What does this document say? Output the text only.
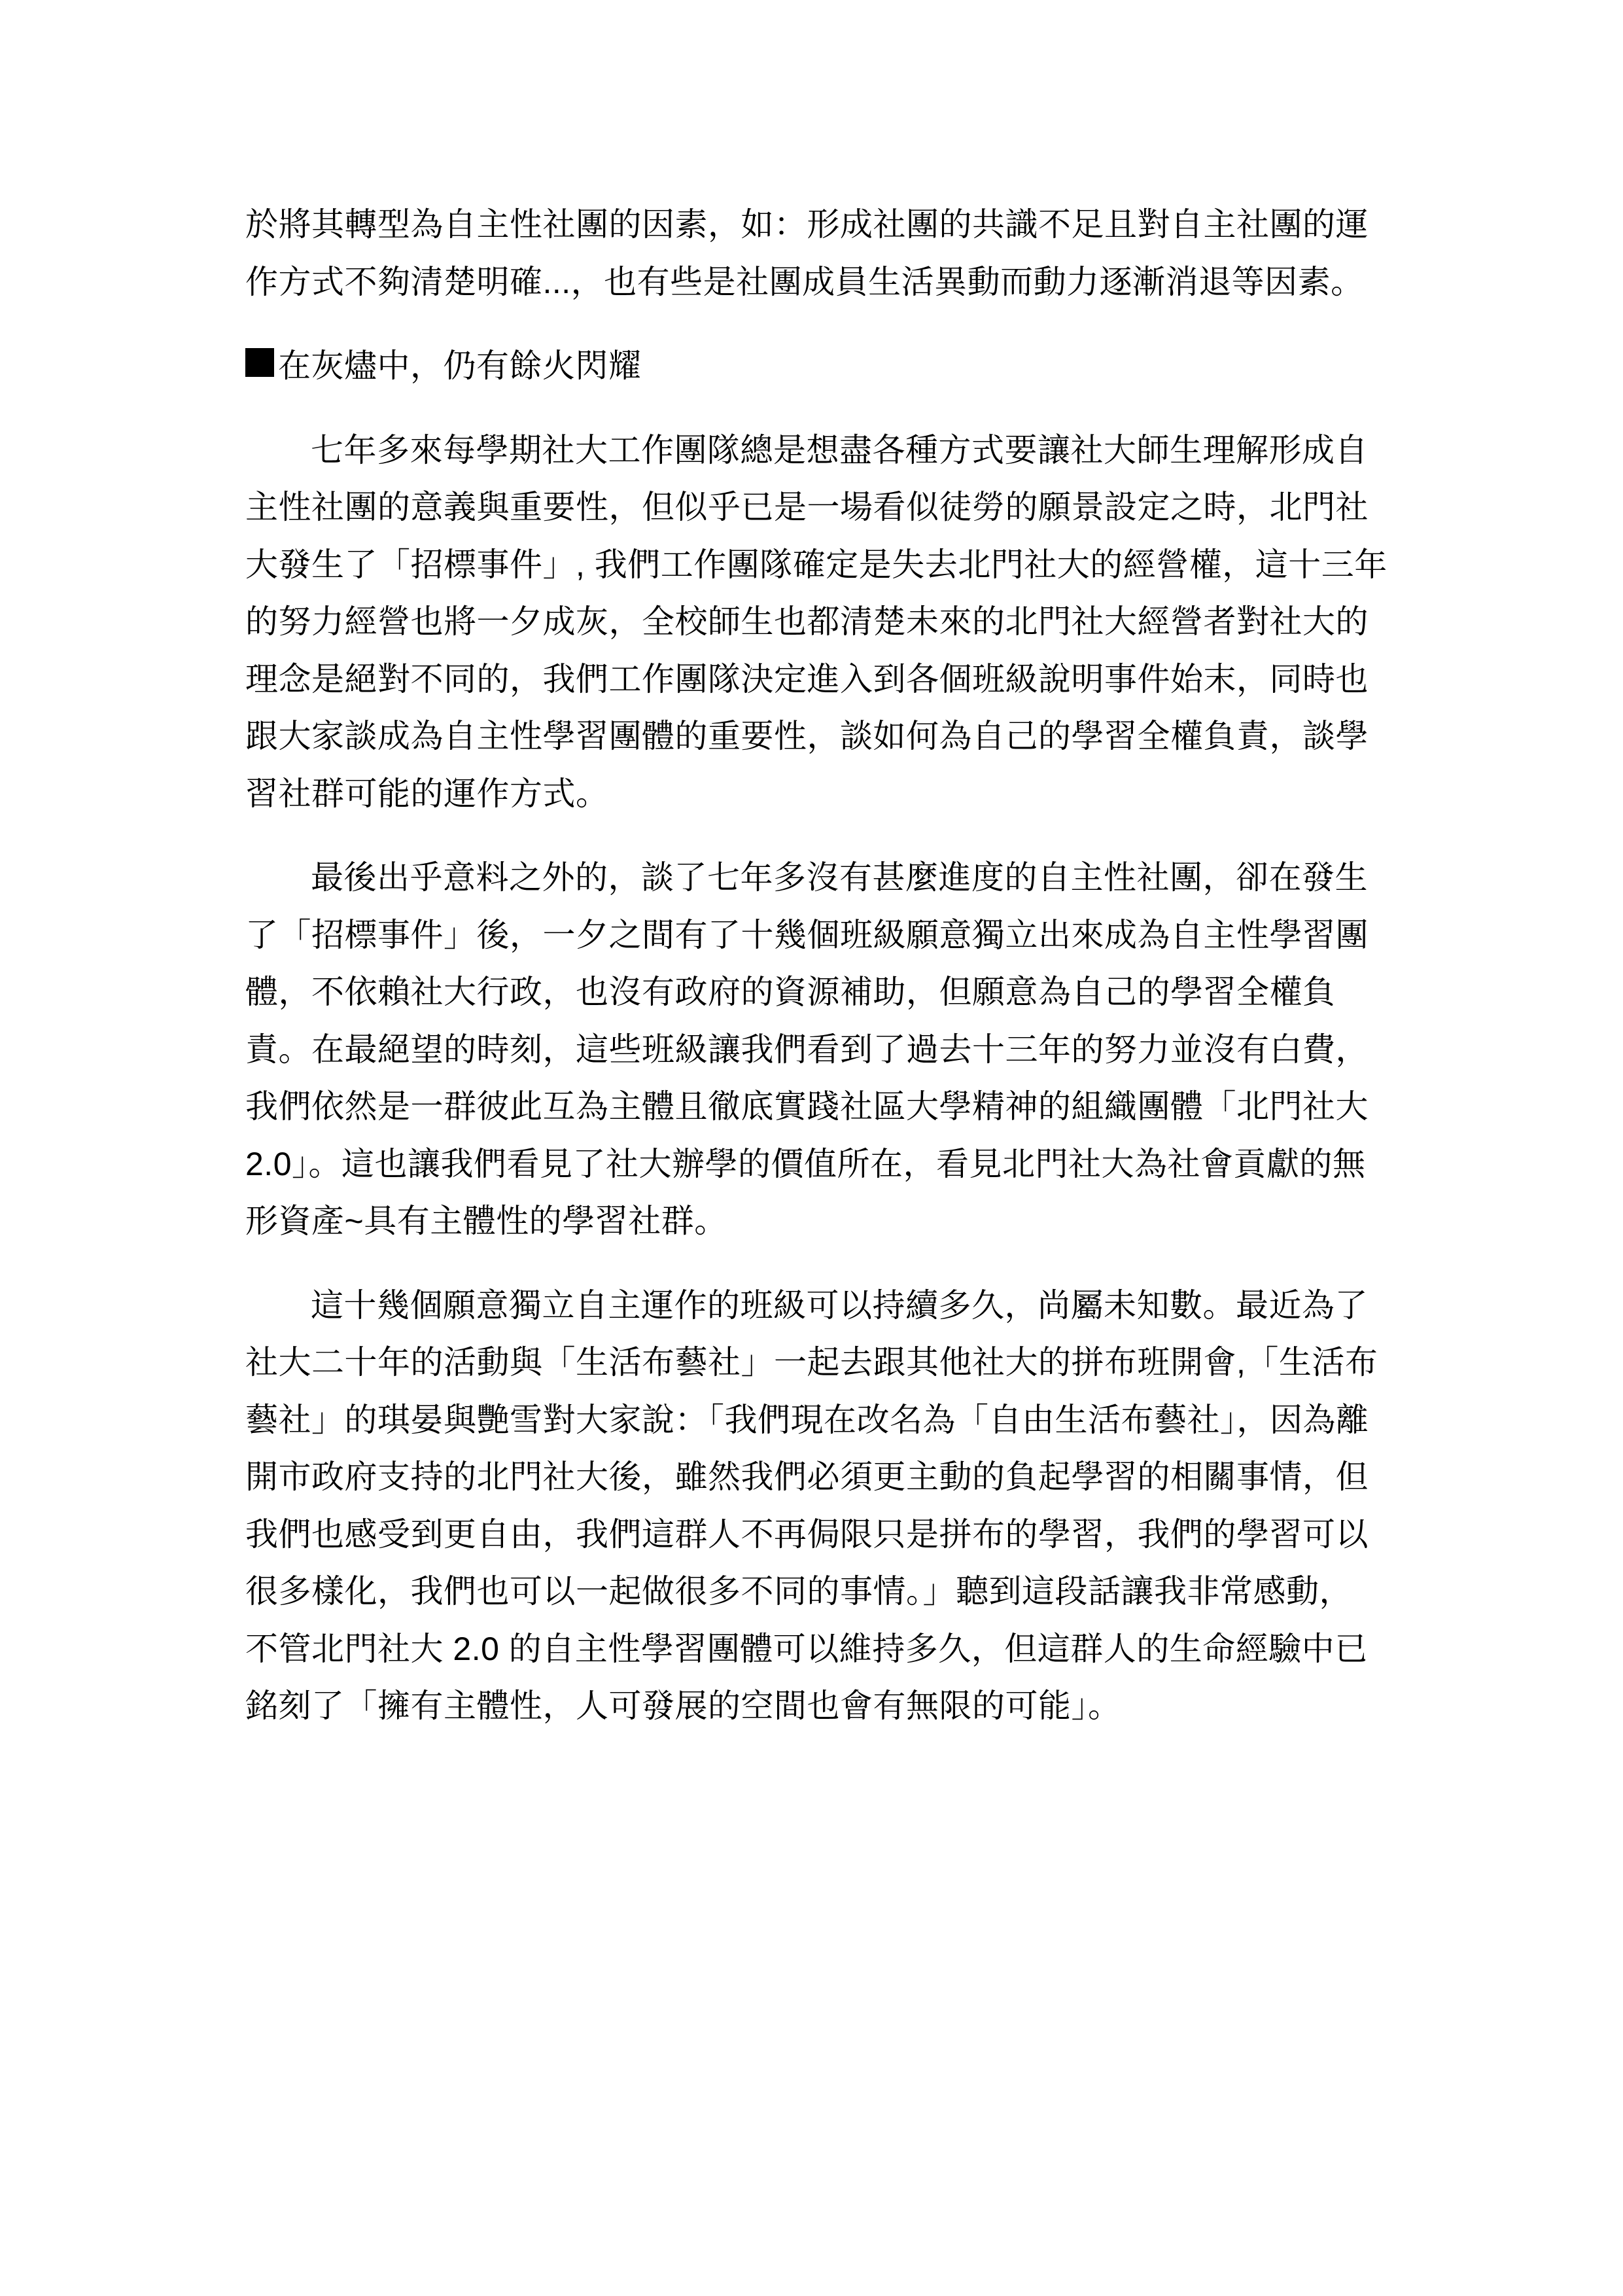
於將其轉型為自主性社團的因素，如：形成社團的共識不足且對自主社團的運
作方式不夠清楚明確...，也有些是社團成員生活異動而動力逐漸消退等因素。
在灰燼中，仍有餘火閃耀
七年多來每學期社大工作團隊總是想盡各種方式要讓社大師生理解形成自
主性社團的意義與重要性，但似乎已是一場看似徒勞的願景設定之時，北門社
大發生了「招標事件」, 我們工作團隊確定是失去北門社大的經營權，這十三年
的努力經營也將一夕成灰，全校師生也都清楚未來的北門社大經營者對社大的
理念是絕對不同的，我們工作團隊決定進入到各個班級說明事件始末，同時也
跟大家談成為自主性學習團體的重要性，談如何為自己的學習全權負責，談學
習社群可能的運作方式。
最後出乎意料之外的，談了七年多沒有甚麼進度的自主性社團，卻在發生
了「招標事件」後，一夕之間有了十幾個班級願意獨立出來成為自主性學習團
體，不依賴社大行政，也沒有政府的資源補助，但願意為自己的學習全權負
責。在最絕望的時刻，這些班級讓我們看到了過去十三年的努力並沒有白費，
我們依然是一群彼此互為主體且徹底實踐社區大學精神的組織團體「北門社大
2.0」。這也讓我們看見了社大辦學的價值所在，看見北門社大為社會貢獻的無
形資產~具有主體性的學習社群。
這十幾個願意獨立自主運作的班級可以持續多久，尚屬未知數。最近為了
社大二十年的活動與「生活布藝社」一起去跟其他社大的拼布班開會,「生活布
藝社」的琪晏與艷雪對大家說：「我們現在改名為「自由生活布藝社」，因為離
開市政府支持的北門社大後，雖然我們必須更主動的負起學習的相關事情，但
我們也感受到更自由，我們這群人不再侷限只是拼布的學習，我們的學習可以
很多樣化，我們也可以一起做很多不同的事情。」聽到這段話讓我非常感動，
不管北門社大 2.0 的自主性學習團體可以維持多久，但這群人的生命經驗中已
銘刻了「擁有主體性，人可發展的空間也會有無限的可能」。
